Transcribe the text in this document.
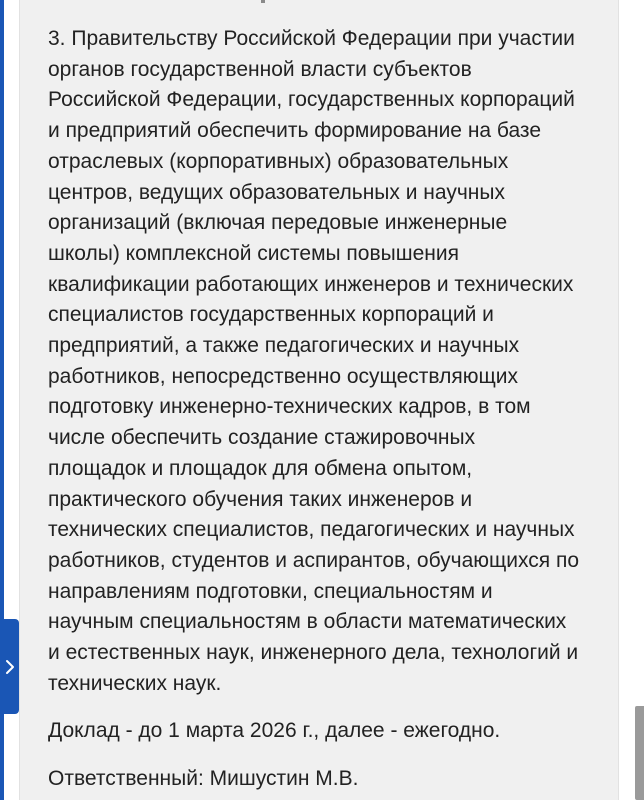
3. Правительству Российской Федерации при участии
органов государственной власти субъектов
Российской Федерации, государственных корпораций
и предприятий обеспечить формирование на базе
отраслевых (корпоративных) образовательных
центров, ведущих образовательных и научных
организаций (включая передовые инженерные
школы) комплексной системы повышения
квалификации работающих инженеров и технических
специалистов государственных корпораций и
предприятий, а также педагогических и научных
работников, непосредственно осуществляющих
подготовку инженерно-технических кадров, в том
числе обеспечить создание стажировочных
площадок и площадок для обмена опытом,
практического обучения таких инженеров и
технических специалистов, педагогических и научных
работников, студентов и аспирантов, обучающихся по
направлениям подготовки, специальностям и
научным специальностям в области математических
и естественных наук, инженерного дела, технологий и
технических наук.

Доклад - до 1 марта 2026 г., далее - ежегодно.

Ответственный: Мишустин М.В.
